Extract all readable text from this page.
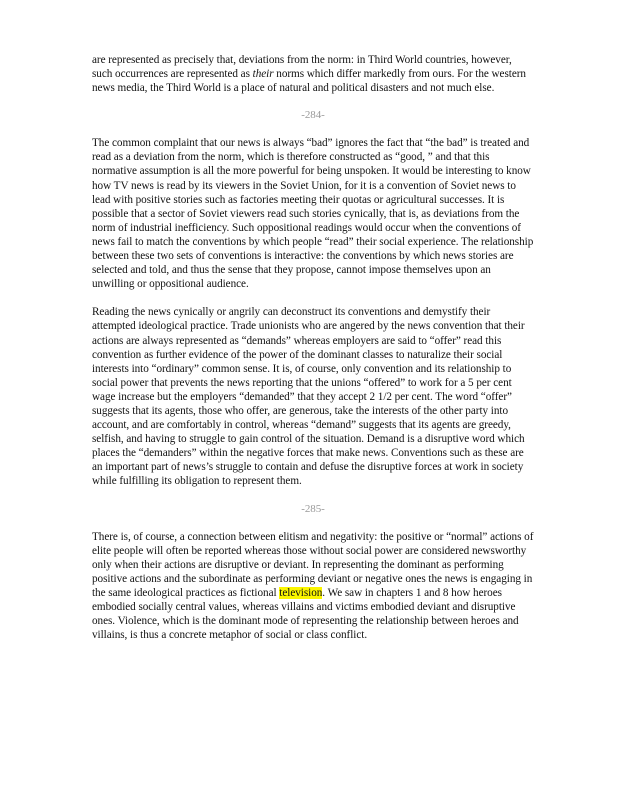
are represented as precisely that, deviations from the norm: in Third World countries, however, such occurrences are represented as their norms which differ markedly from ours. For the western news media, the Third World is a place of natural and political disasters and not much else.

-284-

The common complaint that our news is always “bad” ignores the fact that “the bad” is treated and read as a deviation from the norm, which is therefore constructed as “good, ” and that this normative assumption is all the more powerful for being unspoken. It would be interesting to know how TV news is read by its viewers in the Soviet Union, for it is a convention of Soviet news to lead with positive stories such as factories meeting their quotas or agricultural successes. It is possible that a sector of Soviet viewers read such stories cynically, that is, as deviations from the norm of industrial inefficiency. Such oppositional readings would occur when the conventions of news fail to match the conventions by which people “read” their social experience. The relationship between these two sets of conventions is interactive: the conventions by which news stories are selected and told, and thus the sense that they propose, cannot impose themselves upon an unwilling or oppositional audience.

Reading the news cynically or angrily can deconstruct its conventions and demystify their attempted ideological practice. Trade unionists who are angered by the news convention that their actions are always represented as “demands” whereas employers are said to “offer” read this convention as further evidence of the power of the dominant classes to naturalize their social interests into “ordinary” common sense. It is, of course, only convention and its relationship to social power that prevents the news reporting that the unions “offered” to work for a 5 per cent wage increase but the employers “demanded” that they accept 2 1/2 per cent. The word “offer” suggests that its agents, those who offer, are generous, take the interests of the other party into account, and are comfortably in control, whereas “demand” suggests that its agents are greedy, selfish, and having to struggle to gain control of the situation. Demand is a disruptive word which places the “demanders” within the negative forces that make news. Conventions such as these are an important part of news’s struggle to contain and defuse the disruptive forces at work in society while fulfilling its obligation to represent them.

-285-

There is, of course, a connection between elitism and negativity: the positive or “normal” actions of elite people will often be reported whereas those without social power are considered newsworthy only when their actions are disruptive or deviant. In representing the dominant as performing positive actions and the subordinate as performing deviant or negative ones the news is engaging in the same ideological practices as fictional television. We saw in chapters 1 and 8 how heroes embodied socially central values, whereas villains and victims embodied deviant and disruptive ones. Violence, which is the dominant mode of representing the relationship between heroes and villains, is thus a concrete metaphor of social or class conflict.
